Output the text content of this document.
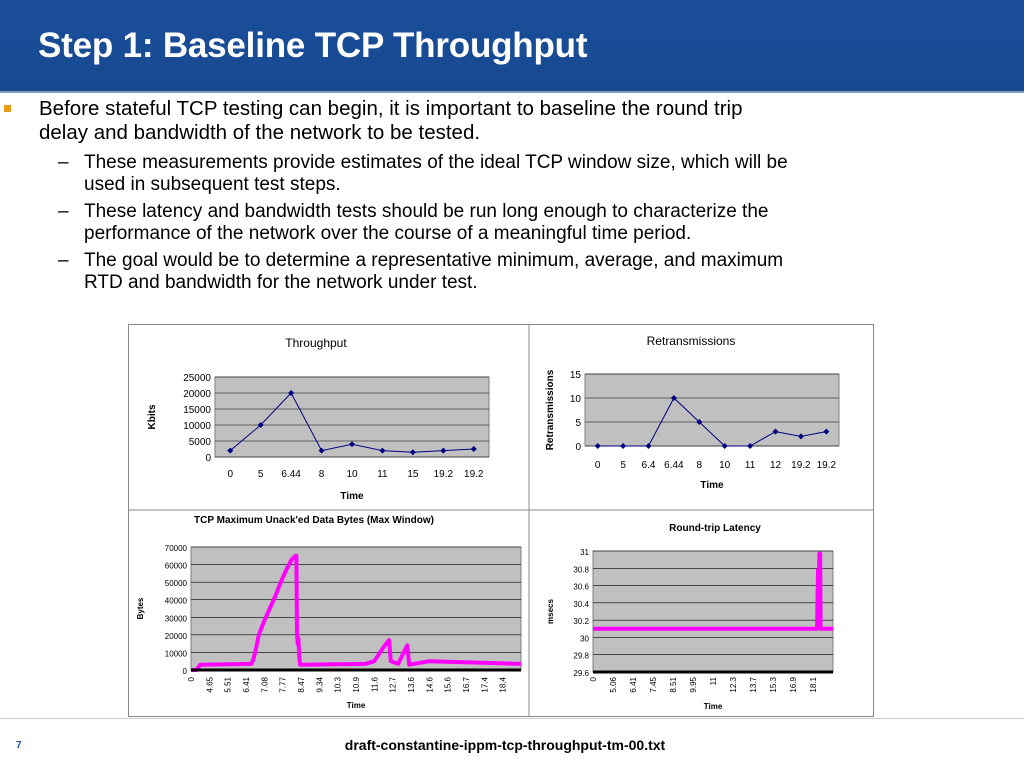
Step 1: Baseline TCP Throughput
Before stateful TCP testing can begin, it is important to baseline the round trip
delay and bandwidth of the network to be tested.
– These measurements provide estimates of the ideal TCP window size, which will be
used in subsequent test steps.
– These latency and bandwidth tests should be run long enough to characterize the
performance of the network over the course of a meaningful time period.
– The goal would be to determine a representative minimum, average, and maximum
RTD and bandwidth for the network under test.
0
5000
10000
15000
20000
25000
Throughput
Time
Kbits
0 5 6.44 8 10 11 15 19.2 19.2
0
5
10
15
Retransmissions
Time
Retransmissions
0 5 6.4 6.44 8 10 11 12 19.2 19.2
0
10000
20000
30000
40000
50000
60000
70000
TCP Maximum Unack'ed Data Bytes (Max Window)
Time
Bytes
0 4.65 5.51 6.41 7.08 7.77 8.47 9.34 10.3 10.9 11.6 12.7 13.6 14.6 15.6 16.7 17.4 18.4
29.6
29.8
30
30.2
30.4
30.6
30.8
31
Round-trip Latency
Time
msecs
0 5.06 6.41 7.45 8.51 9.95 11 12.3 13.7 15.3 16.9 18.1
7	draft-constantine-ippm-tcp-throughput-tm-00.txt
